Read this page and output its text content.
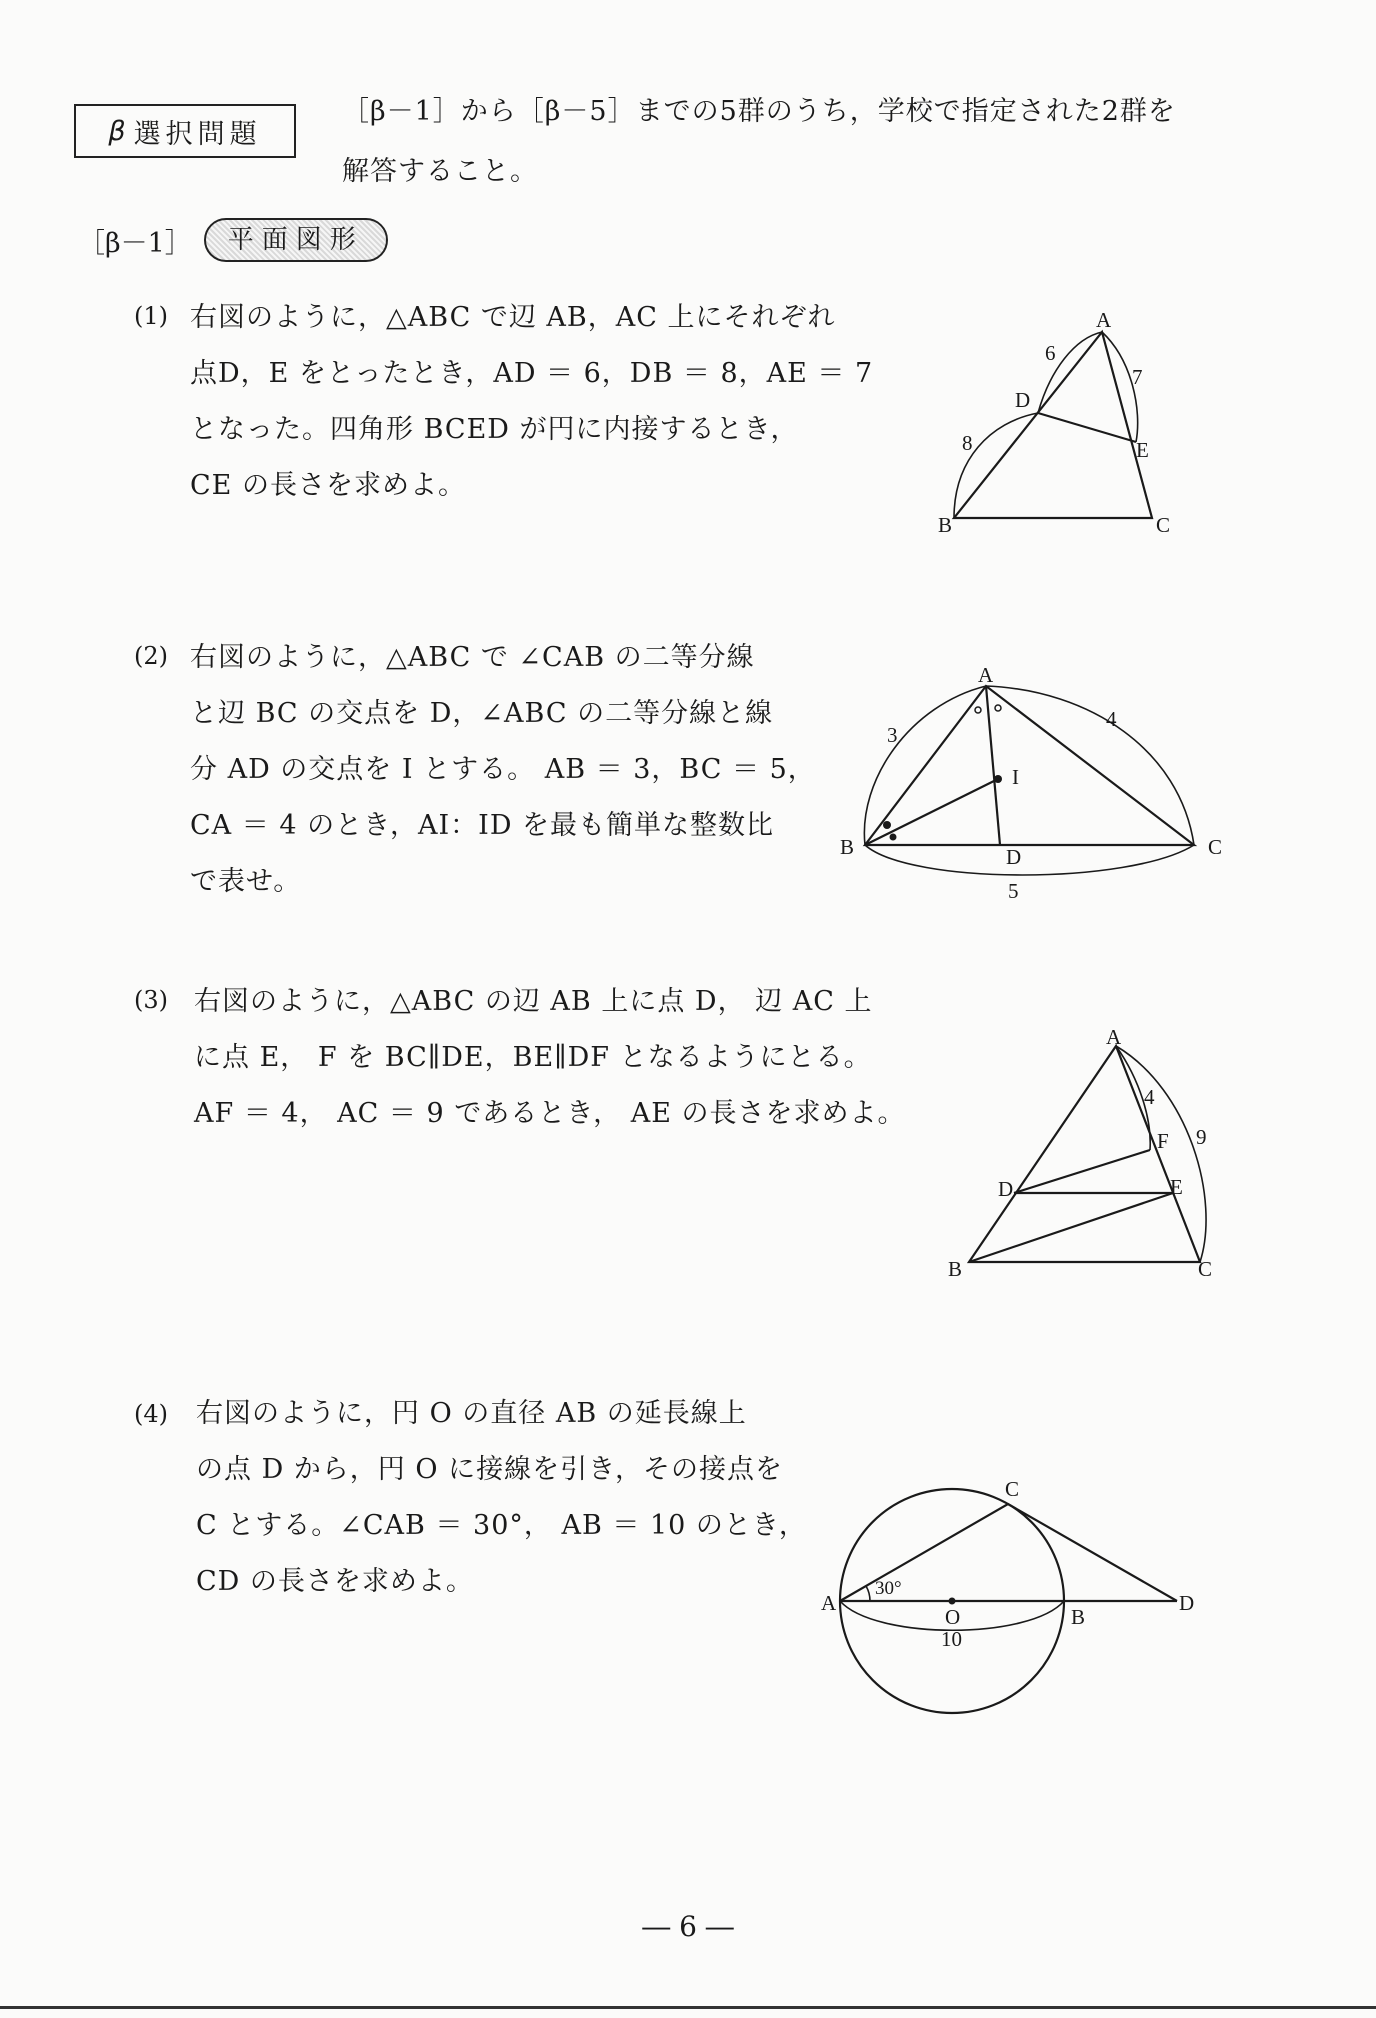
β 選択問題
［β－1］から［β－5］までの5群のうち，学校で指定された2群を
解答すること。
［β－1］	平面図形
(1) 右図のように，△ABC で辺 AB，AC 上にそれぞれ
点D，E をとったとき，AD ＝ 6，DB ＝ 8，AE ＝ 7
となった。四角形 BCED が円に内接するとき，
CE の長さを求めよ。
A
B	C
D
E
6
8
7
(2) 右図のように，△ABC で ∠CAB の二等分線
と辺 BC の交点を D，∠ABC の二等分線と線
分 AD の交点を I とする。 AB ＝ 3，BC ＝ 5，
CA ＝ 4 のとき，AI：ID を最も簡単な整数比
で表せ。
A
B	C
D
I
3
4
5
(3) 右図のように，△ABC の辺 AB 上に点 D， 辺 AC 上
に点 E， F を BC∥DE，BE∥DF となるようにとる。
AF ＝ 4， AC ＝ 9 であるとき， AE の長さを求めよ。
A
B	C
D	E
F
4
9
(4) 右図のように，円 O の直径 AB の延長線上
の点 D から，円 O に接線を引き，その接点を
C とする。∠CAB ＝ 30°， AB ＝ 10 のとき，
CD の長さを求めよ。
A
B
C
D
O
30°
10
― 6 ―
